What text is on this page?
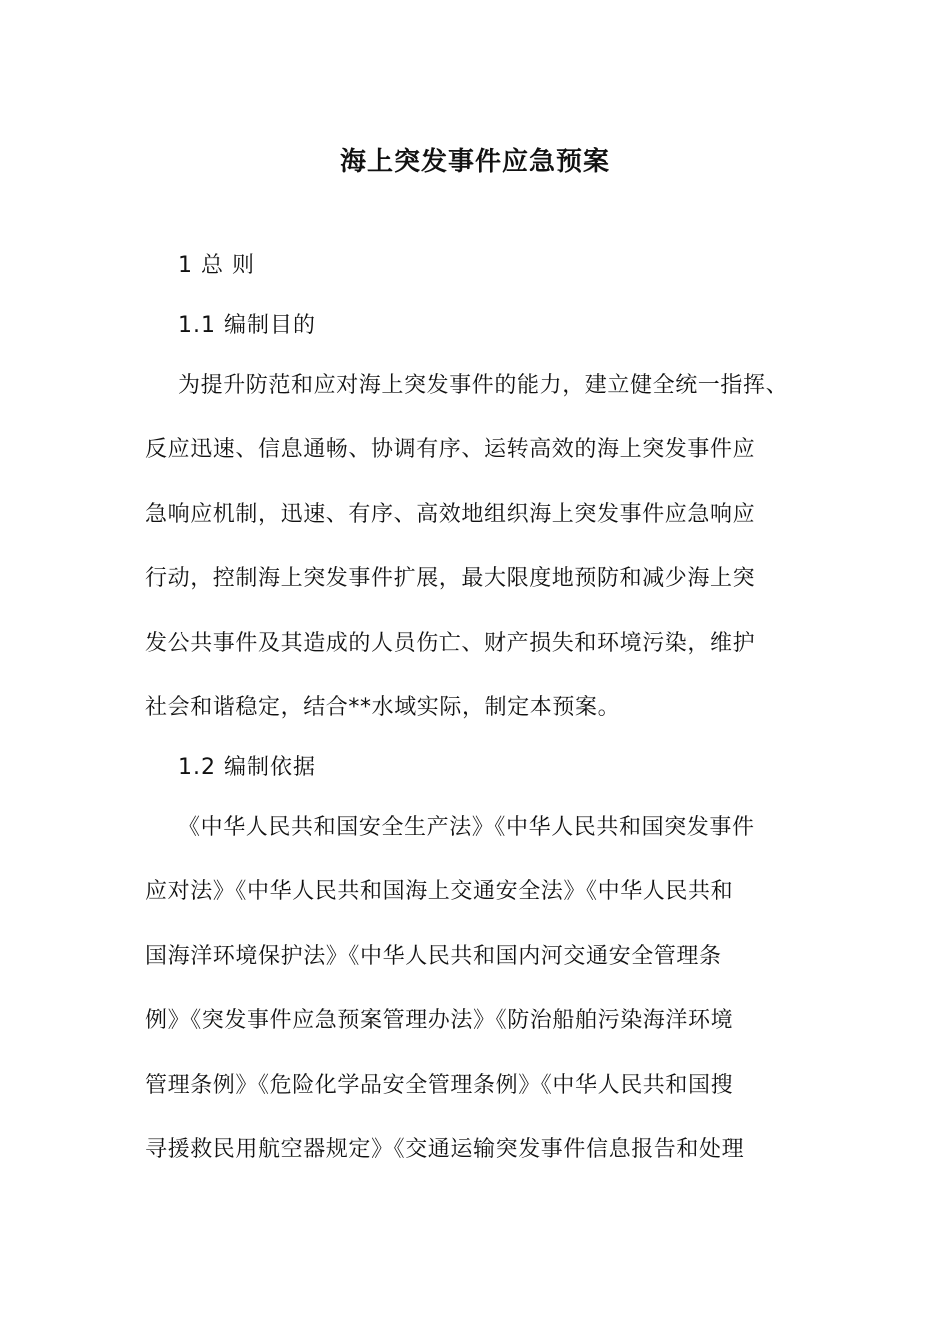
海上突发事件应急预案
1 总 则
1.1 编制目的
为提升防范和应对海上突发事件的能力，建立健全统一指挥、
反应迅速、信息通畅、协调有序、运转高效的海上突发事件应
急响应机制，迅速、有序、高效地组织海上突发事件应急响应
行动，控制海上突发事件扩展，最大限度地预防和减少海上突
发公共事件及其造成的人员伤亡、财产损失和环境污染，维护
社会和谐稳定，结合**水域实际，制定本预案。
1.2 编制依据
《中华人民共和国安全生产法》《中华人民共和国突发事件
应对法》《中华人民共和国海上交通安全法》《中华人民共和
国海洋环境保护法》《中华人民共和国内河交通安全管理条
例》《突发事件应急预案管理办法》《防治船舶污染海洋环境
管理条例》《危险化学品安全管理条例》《中华人民共和国搜
寻援救民用航空器规定》《交通运输突发事件信息报告和处理
